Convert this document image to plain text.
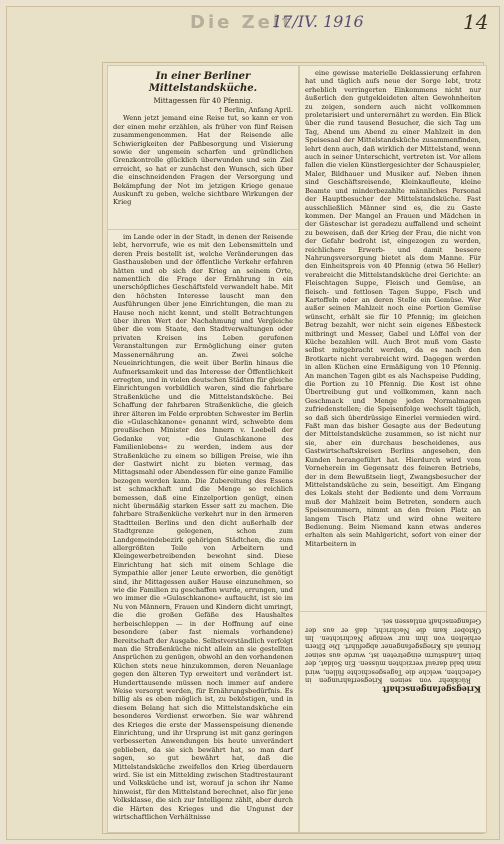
Die Zeit
17/IV. 1916	14
In einer Berliner Mittelstandsküche.
Mittagessen für 40 Pfennig.
† Berlin, Anfang April.

Wenn jetzt jemand eine Reise tut, so kann er von der einen mehr erzählen, als früher von fünf Reisen zusammengenommen. Hat der Reisende alle Schwierigkeiten der Paßbesorgung und Visierung sowie der ungemein scharfen und gründlichen Grenzkontrolle glücklich überwunden und sein Ziel erreicht, so hat er zunächst den Wunsch, sich über die einschneidenden Fragen der Versorgung und Bekämpfung der Not im jetzigen Kriege genaue Auskunft zu geben, welche sichtbare Wirkungen der Krieg

im Lande oder in der Stadt, in denen der Reisende lebt, hervorrufe, wie es mit den Lebensmitteln und deren Preis bestellt ist, welche Veränderungen das Gasthausleben und der öffentliche Verkehr erfahren hätten und ob sich der Krieg an seinem Orte, namentlich die Frage der Ernährung in ein unerschöpfliches Geschäftsfeld verwandelt habe. Mit den höchsten Interesse lauscht man den Ausführungen über jene Einrichtungen, die man zu Hause noch nicht kennt, und stellt Betrachtungen über ihren Wert der Nachahmung und Vergleiche über die vom Staate, den Stadtverwaltungen oder privaten Kreisen ins Leben gerufenen Veranstaltungen zur Ermöglichung einer guten Massenernährung an. Zwei solche Neueinrichtungen, die weit über Berlin hinaus die Aufmerksamkeit und das Interesse der Öffentlichkeit erregten, und in vielen deutschen Städten für gleiche Einrichtungen vorbildlich waren, sind die fahrbare Straßenküche und die Mittelstandsküche. Bei Schaffung der fahrbaren Straßenküche, die gleich ihrer älteren im Felde erprobten Schwester im Berlin die »Gulaschkanone« genannt wird, schwebte dem preußischen Minister des Innern v. Loebell der Gedanke vor, »die Gulaschkanone des Familienlebens« zu werden, indem aus der Straßenküche zu einem so billigen Preise, wie ihn der Gastwirt nicht zu bieten vermag, das Mittagsmahl oder Abendessen für eine ganze Familie bezogen werden kann. Die Zubereitung des Essens ist schmackhaft und die Menge so reichlich bemessen, daß eine Einzelportion genügt, einen nicht übermäßig starken Esser satt zu machen. Die fahrbare Straßenküche verkehrt nur in den ärmeren Stadtteilen Berlins und den dicht außerhalb der Stadtgrenze gelegenen, schon zum Landgemeindebezirk gehörigen Städtchen, die zum allergrößten Teile von Arbeitern und Kleingewerbetreibenden bewohnt sind. Diese Einrichtung hat sich mit einem Schlage die Sympathie aller jener Leute erworben, die genötigt sind, ihr Mittagessen außer Hause einzunehmen, so wie die Familien zu geschaffen wurde, errungen, und wo immer die »Gulaschkanone« auftaucht, ist sie im Nu von Männern, Frauen und Kindern dicht umringt, die die großen Gefäße des Haushaltes herbeischleppen — in der Hoffnung auf eine besondere (aber fast niemals vorhandene) Bereitschaft der Ausgabe. Selbstverständlich verfolgt man die Straßenküche nicht allein an sie gestellten Ansprüchen zu genügen, obwohl an den vorhandenen Küchen stets neue hinzukommen, deren Neuanlage gegen den älteren Typ erweitert und verändert ist. Hunderttausende müssen noch immer auf andere Weise versorgt werden, für Ernährungsbedürfnis. Es billig als es eben möglich ist, zu beköstigen, und in diesem Belang hat sich die Mittelstandsküche ein besonderes Verdienst erworben. Sie war während des Krieges die erste der Massenspeisung dienende Einrichtung, und ihr Ursprung ist mit ganz geringen verbesserten Anwendungen bis heute unverändert geblieben, da sie sich bewährt hat, so man darf sagen, so gut bewährt hat, daß die Mittelstandsküche zweifellos den Krieg überdauern wird. Sie ist ein Mittelding zwischen Stadtrestaurant und Volksküche und ist, worauf ja schon ihr Name hinweist, für den Mittelstand berechnet, also für jene Volksklasse, die sich zur Intelligenz zählt, aber durch die Härten des Krieges und die Ungunst der wirtschaftlichen Verhältnisse

eine gewisse materielle Deklassierung erfahren hat und täglich aufs neue der Sorge lebt, trotz erheblich verringerten Einkommens nicht nur äußerlich den gutgekleideten alten Gewohnheiten zu zeigen, sondern auch nicht vollkommen proletarisiert und unterernährt zu werden. Ein Blick über die rund tausend Besucher, die sich Tag um Tag, Abend um Abend zu einer Mahlzeit in den Speisesaal der Mittelstandsküche zusammenfinden, lehrt denn auch, daß wirklich der Mittelstand, wenn auch in seiner Unterschicht, vertreten ist. Vor allem fallen die vielen Künstlergesichter der Schauspieler, Maler, Bildhauer und Musiker auf. Neben ihnen sind Geschäftsreisende, Kleinkaufleute, kleine Beamte und minderbezahlte männliches Personal der Hauptbesucher der Mittelstandsküche. Fast ausschließlich Männer sind es, die zu Gaste kommen. Der Mangel an Frauen und Mädchen in der Gästeschar ist geradezu auffallend und scheint zu beweisen, daß der Krieg der Frau, die nicht von der Gefahr bedroht ist, eingezogen zu werden, reichlichere Erwerb- und damit bessere Nahrungsversorgung bietet als dem Manne. Für den Einheitspreis von 40 Pfennig (etwa 56 Heller) verabreicht die Mittelstandsküche drei Gerichte: an Fleischtagen Suppe, Fleisch und Gemüse, an fleisch- und fettlosen Tagen Suppe, Fisch und Kartoffeln oder an deren Stelle ein Gemüse. Wer außer seinen Mahlzeit noch eine Portion Gemüse wünscht, erhält sie für 10 Pfennig; im gleichen Betrag bezahlt, wer nicht sein eigenes Eßbesteck mitbringt und Messer, Gabel und Löffel von der Küche bezahlen will. Auch Brot muß vom Gaste selbst mitgebracht werden, da es nach den Brotkarte nicht verabreicht wird. Dagegen werden in allen Küchen eine Ermäßigung von 10 Pfennig. An manchen Tagen gibt es als Nachspeise Pudding, die Portion zu 10 Pfennig. Die Kost ist ohne Übertreibung gut und vollkommen, kann nach Geschmack und Menge jeden Normalmagen zufriedenstellen; die Speisenfolge wechselt täglich, so daß sich überdrüssige Einerlei vermieden wird. Faßt man das bisher Gesagte aus der Bedeutung der Mittelstandsküche zusammen, so ist nicht nur sie, aber ein durchaus bescheidenes, aus Gastwirtschaftskreisen Berlins angesehen, den Kunden herangeführt hat. Hierdurch wird vom Vorneherein im Gegensatz des feineren Betriebs, der in dem Bewußtsein liegt, Zwangsbesucher der Mittelstandsküche zu sein, beseitigt. Am Eingang des Lokals steht der Bediente und dem Vorraum muß der Mahlzeit beim Betreten, sondern auch Speisenummern, nimmt an den freien Platz an langem Tisch Platz und wird ohne weitere Bedienung. Beim Niemand kann etwas anderes erhalten als sein Mahlgericht, sofort von einer der Mitarbeitern in

Kriegsgefangenschaft

Rückkehr von seinen Kriegserfahrungen in Gefechten, welche die Tagesgeschichte füllen, wird man bald darauf verzichten müssen. Ein Soldat, der beim Landsturm eingetreten ist, wurde aus seiner Heimat als Kriegsgefangener abgeführt. Die Eltern erhielten von ihm nur wenige Nachrichten. Im Oktober kam die Nachricht, daß er aus der Gefangenschaft entlassen sei.
